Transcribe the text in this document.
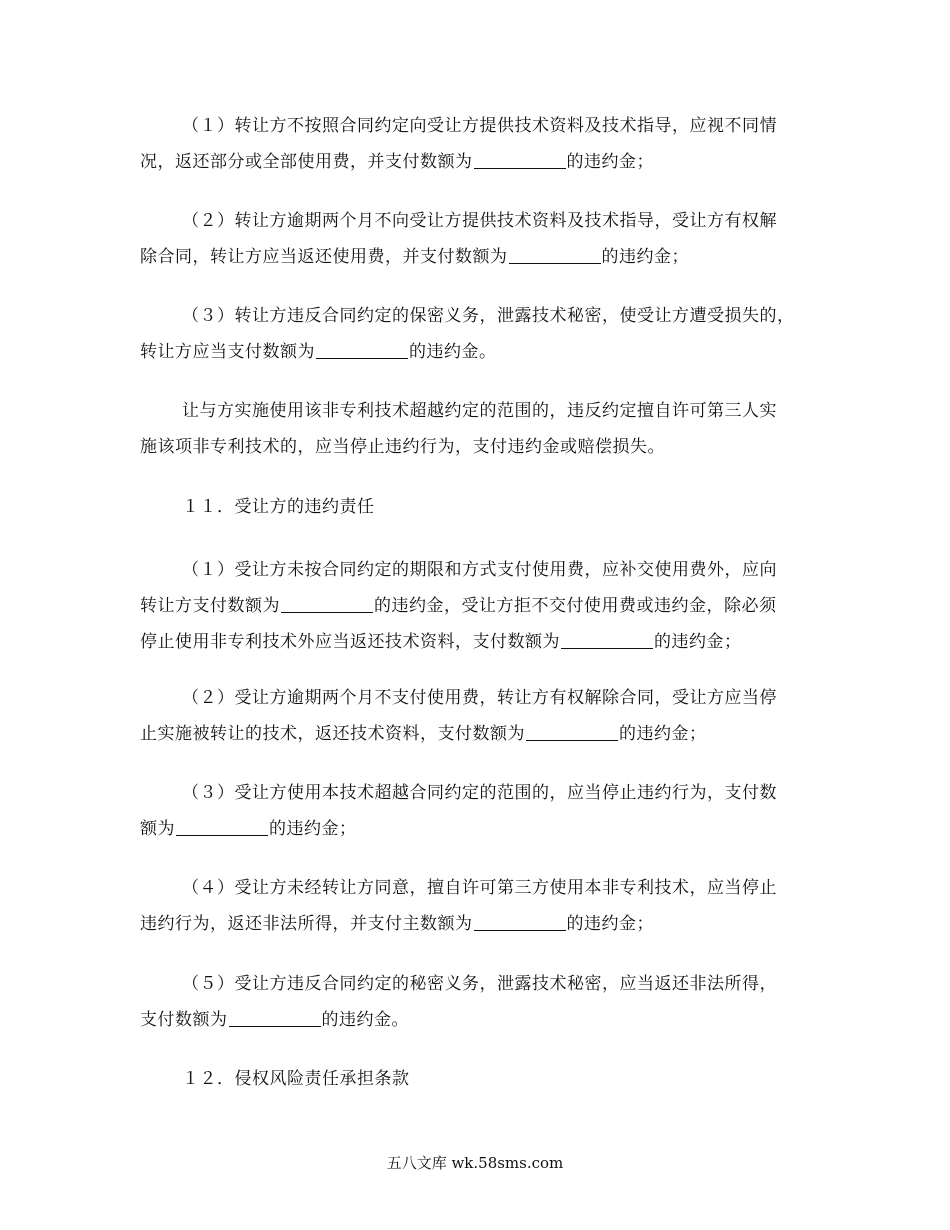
（１）转让方不按照合同约定向受让方提供技术资料及技术指导，应视不同情
况，返还部分或全部使用费，并支付数额为	的违约金；
（２）转让方逾期两个月不向受让方提供技术资料及技术指导，受让方有权解
除合同，转让方应当返还使用费，并支付数额为	的违约金；
（３）转让方违反合同约定的保密义务，泄露技术秘密，使受让方遭受损失的，
转让方应当支付数额为	的违约金。
让与方实施使用该非专利技术超越约定的范围的，违反约定擅自许可第三人实
施该项非专利技术的，应当停止违约行为，支付违约金或赔偿损失。
１１．受让方的违约责任
（１）受让方未按合同约定的期限和方式支付使用费，应补交使用费外，应向
转让方支付数额为	的违约金，受让方拒不交付使用费或违约金，除必须
停止使用非专利技术外应当返还技术资料，支付数额为	的违约金；
（２）受让方逾期两个月不支付使用费，转让方有权解除合同，受让方应当停
止实施被转让的技术，返还技术资料，支付数额为	的违约金；
（３）受让方使用本技术超越合同约定的范围的，应当停止违约行为，支付数
额为	的违约金；
（４）受让方未经转让方同意，擅自许可第三方使用本非专利技术，应当停止
违约行为，返还非法所得，并支付主数额为	的违约金；
（５）受让方违反合同约定的秘密义务，泄露技术秘密，应当返还非法所得，
支付数额为	的违约金。
１２．侵权风险责任承担条款
五八文库 wk.58sms.com
